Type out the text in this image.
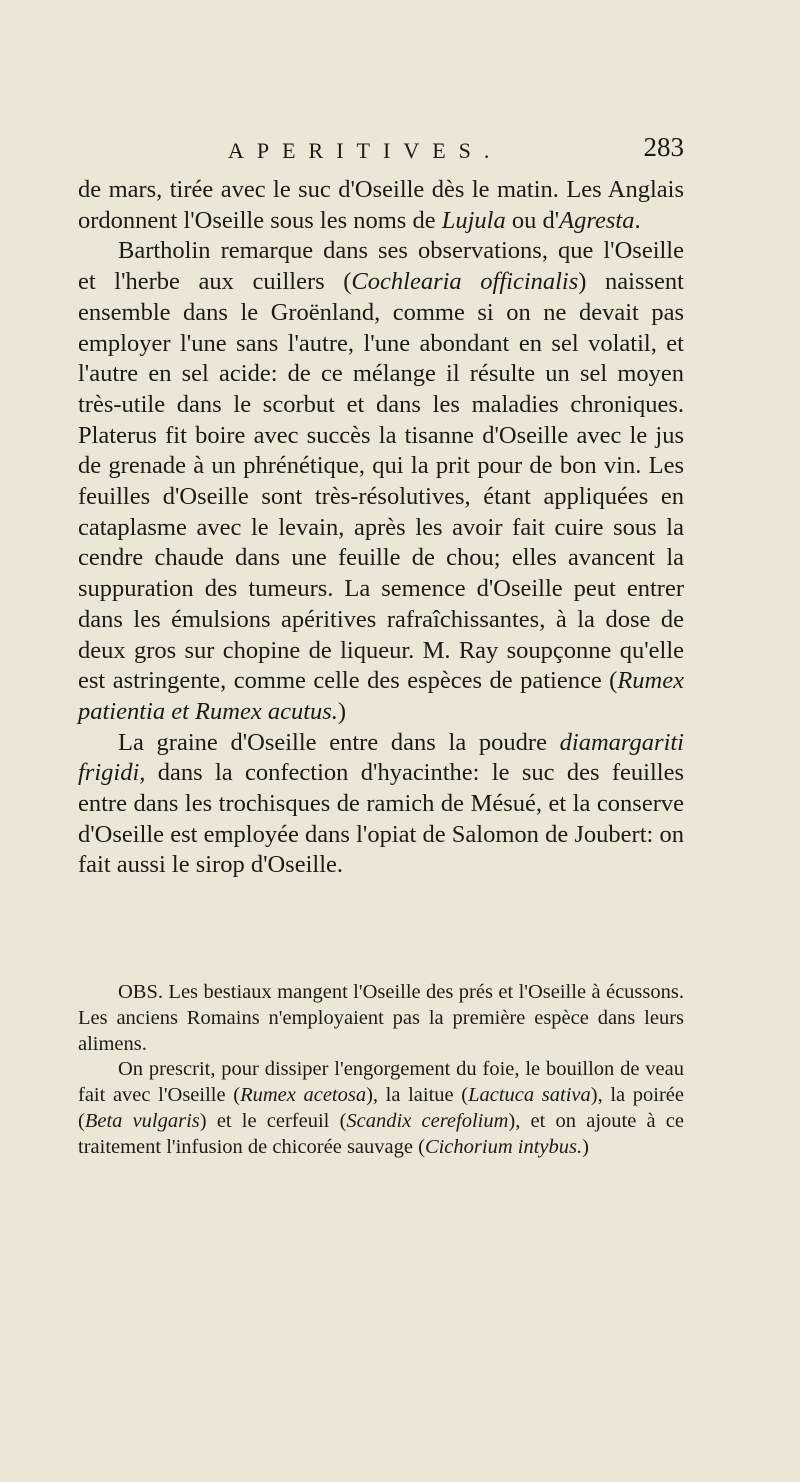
APERITIVES.	283

de mars, tirée avec le suc d'Oseille dès le matin. Les Anglais ordonnent l'Oseille sous les noms de Lujula ou d'Agresta.

Bartholin remarque dans ses observations, que l'Oseille et l'herbe aux cuillers (Cochlearia officinalis) naissent ensemble dans le Groënland, comme si on ne devait pas employer l'une sans l'autre, l'une abondant en sel volatil, et l'autre en sel acide: de ce mélange il résulte un sel moyen très-utile dans le scorbut et dans les maladies chroniques. Platerus fit boire avec succès la tisanne d'Oseille avec le jus de grenade à un phrénétique, qui la prit pour de bon vin. Les feuilles d'Oseille sont très-résolutives, étant appliquées en cataplasme avec le levain, après les avoir fait cuire sous la cendre chaude dans une feuille de chou; elles avancent la suppuration des tumeurs. La semence d'Oseille peut entrer dans les émulsions apéritives rafraîchissantes, à la dose de deux gros sur chopine de liqueur. M. Ray soupçonne qu'elle est astringente, comme celle des espèces de patience (Rumex patientia et Rumex acutus.)

La graine d'Oseille entre dans la poudre diamargariti frigidi, dans la confection d'hyacinthe: le suc des feuilles entre dans les trochisques de ramich de Mésué, et la conserve d'Oseille est employée dans l'opiat de Salomon de Joubert: on fait aussi le sirop d'Oseille.

OBS. Les bestiaux mangent l'Oseille des prés et l'Oseille à écussons. Les anciens Romains n'employaient pas la première espèce dans leurs alimens.

On prescrit, pour dissiper l'engorgement du foie, le bouillon de veau fait avec l'Oseille (Rumex acetosa), la laitue (Lactuca sativa), la poirée (Beta vulgaris) et le cerfeuil (Scandix cerefolium), et on ajoute à ce traitement l'infusion de chicorée sauvage (Cichorium intybus.)
